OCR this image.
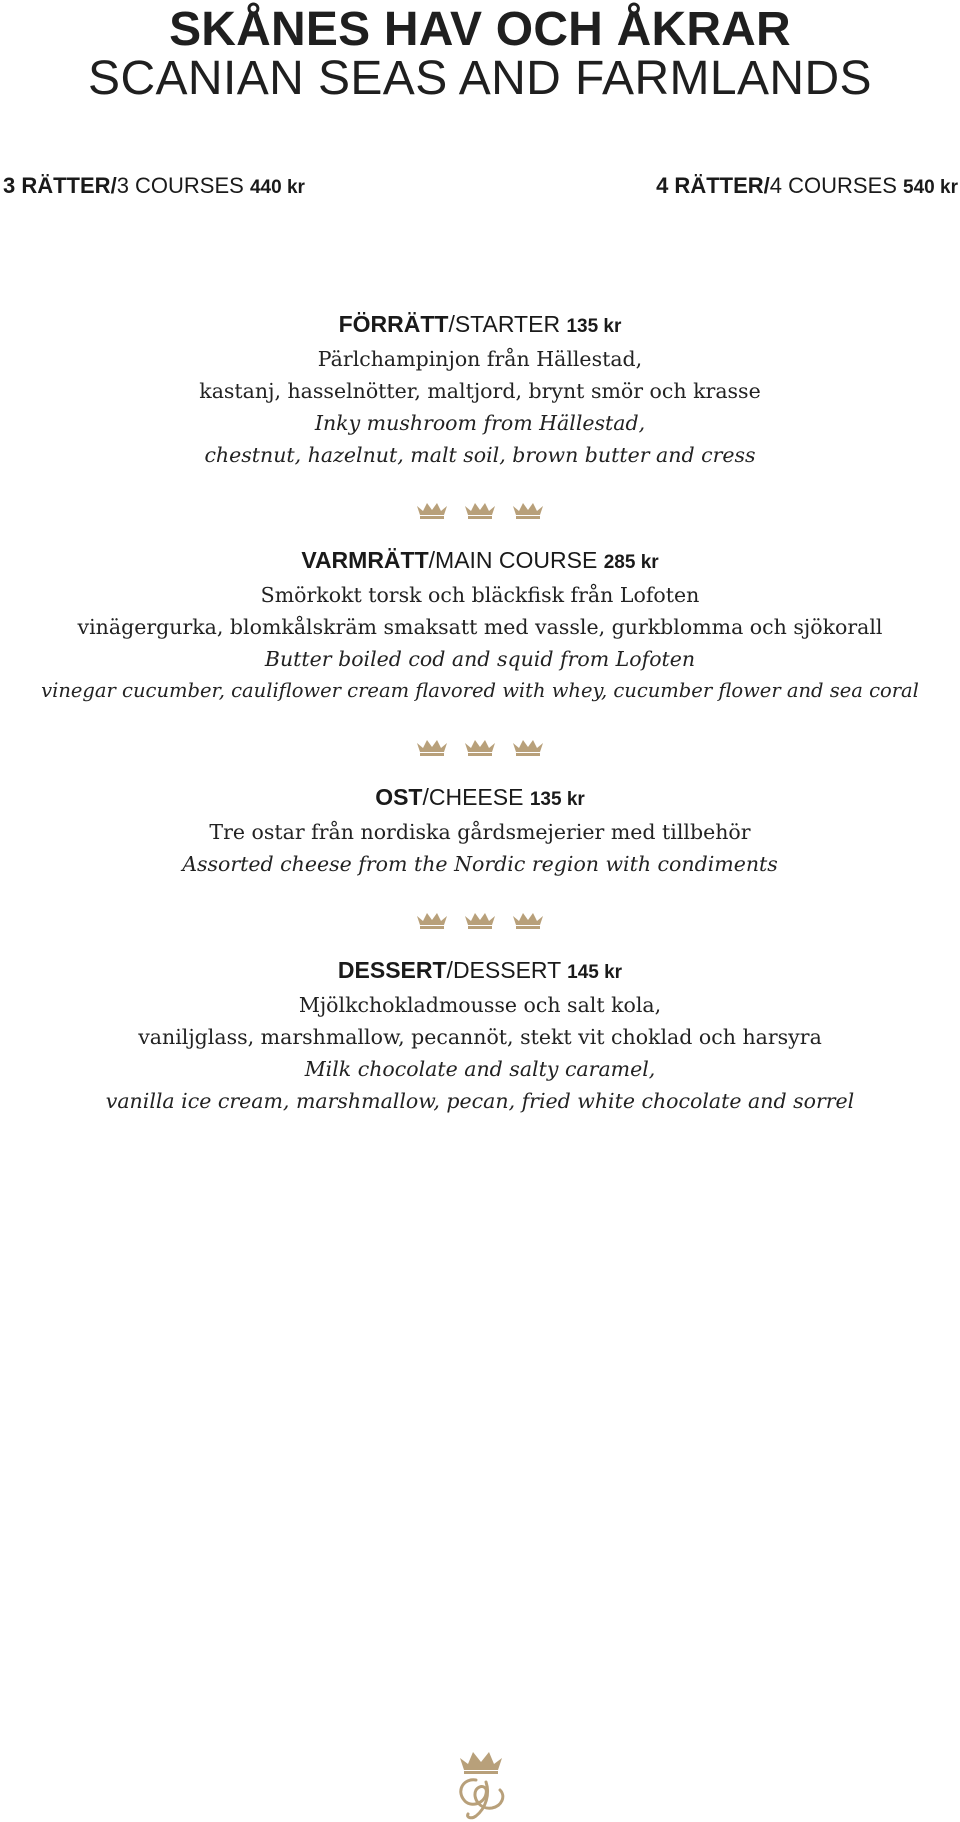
SKÅNES HAV OCH ÅKRAR
SCANIAN SEAS AND FARMLANDS
3 RÄTTER/3 COURSES 440 kr	4 RÄTTER/4 COURSES 540 kr
FÖRRÄTT/STARTER 135 kr
Pärlchampinjon från Hällestad,
kastanj, hasselnötter, maltjord, brynt smör och krasse
Inky mushroom from Hällestad,
chestnut, hazelnut, malt soil, brown butter and cress
VARMRÄTT/MAIN COURSE 285 kr
Smörkokt torsk och bläckfisk från Lofoten
vinägergurka, blomkålskräm smaksatt med vassle, gurkblomma och sjökorall
Butter boiled cod and squid from Lofoten
vinegar cucumber, cauliflower cream flavored with whey, cucumber flower and sea coral
OST/CHEESE 135 kr
Tre ostar från nordiska gårdsmejerier med tillbehör
Assorted cheese from the Nordic region with condiments
DESSERT/DESSERT 145 kr
Mjölkchokladmousse och salt kola,
vaniljglass, marshmallow, pecannöt, stekt vit choklad och harsyra
Milk chocolate and salty caramel,
vanilla ice cream, marshmallow, pecan, fried white chocolate and sorrel
